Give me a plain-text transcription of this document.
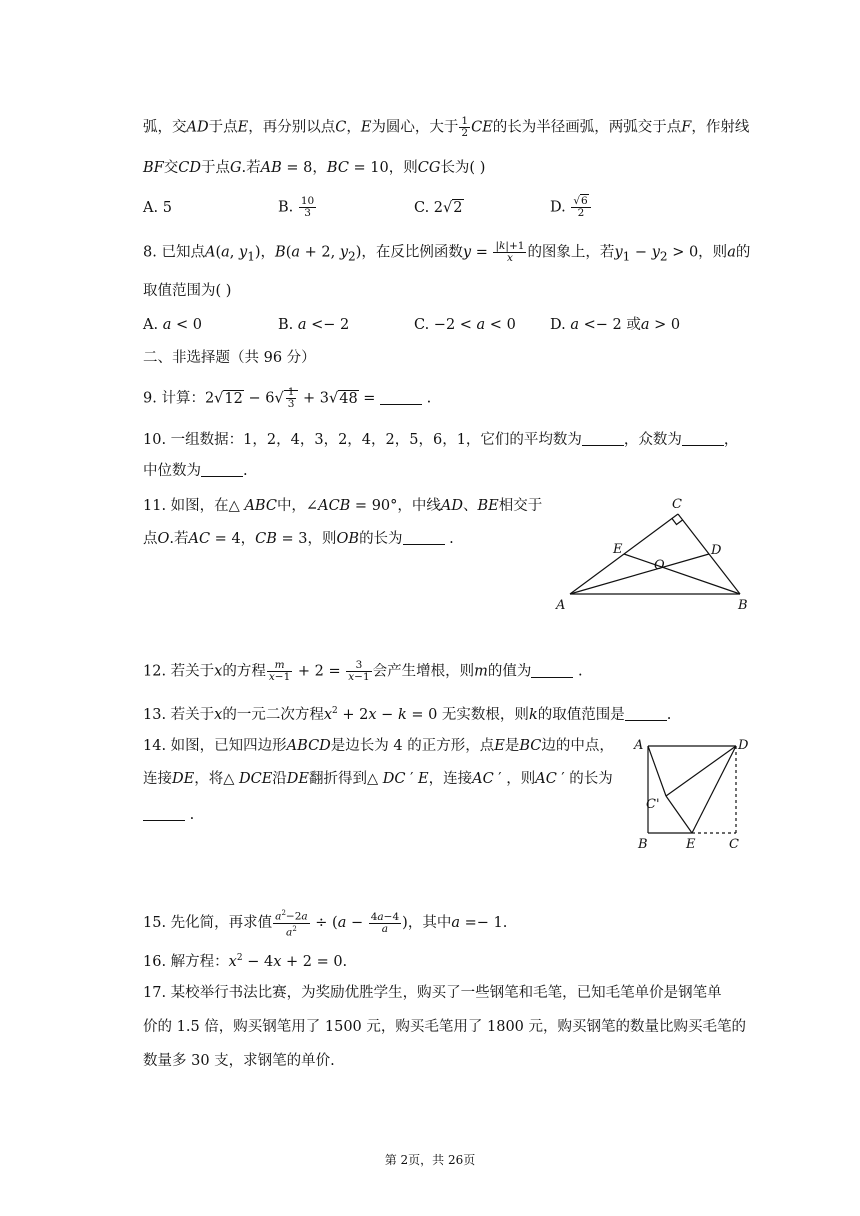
弧，交AD于点E，再分别以点C，E为圆心，大于 $\frac{1}{2}$ CE的长为半径画弧，两弧交于点F，作射线
BF交CD于点G.若AB = 8，BC = 10，则CG长为( )
A. 5	B. $\frac{10}{3}$	C. 2√2	D. $\frac{√6}{2}$
8. 已知点A(a, $y_1$)，B(a + 2, $y_2$)，在反比例函数$y = \frac{|k|+1}{x}$ 的图象上，若$y_1 - y_2 > 0$，则a的
取值范围为( )
A. a < 0	B. a <− 2	C. −2 < a < 0 D. a <− 2 或a > 0
二、非选择题（共 96 分）
9. 计算：$2√12 - 6√ \frac{1}{3} + 3√48$ =	.
10. 一组数据：1，2，4，3，2，4，2，5，6，1，它们的平均数为	，众数为	，
中位数为	.
11. 如图，在△ ABC中，∠ACB = 90°，中线AD、BE相交于
点O.若AC = 4，CB = 3，则OB的长为	.
C
E
O
D
A	B
12. 若关于x的方程 $\frac{m}{x-1} + 2 = \frac{3}{x-1}$ 会产生增根，则m的值为	.
13. 若关于x的一元二次方程$x^2 + 2x - k = 0$ 无实数根，则k的取值范围是	.
14. 如图，已知四边形ABCD是边长为 4 的正方形，点E是BC边的中点，
连接DE，将△ DCE沿DE翻折得到△ DC ′ E，连接AC ′ ，则AC ′ 的长为
.
A	D
C'
B	E	C
15. 先化简，再求值 $\frac{a^2-2a}{a^2} \div (a - \frac{4a-4}{a}$ )，其中a =− 1.
16. 解方程：$x^2 - 4x + 2 = 0$.
17. 某校举行书法比赛，为奖励优胜学生，购买了一些钢笔和毛笔，已知毛笔单价是钢笔单
价的 1.5 倍，购买钢笔用了 1500 元，购买毛笔用了 1800 元，购买钢笔的数量比购买毛笔的
数量多 30 支，求钢笔的单价.
第 2页，共 26页
